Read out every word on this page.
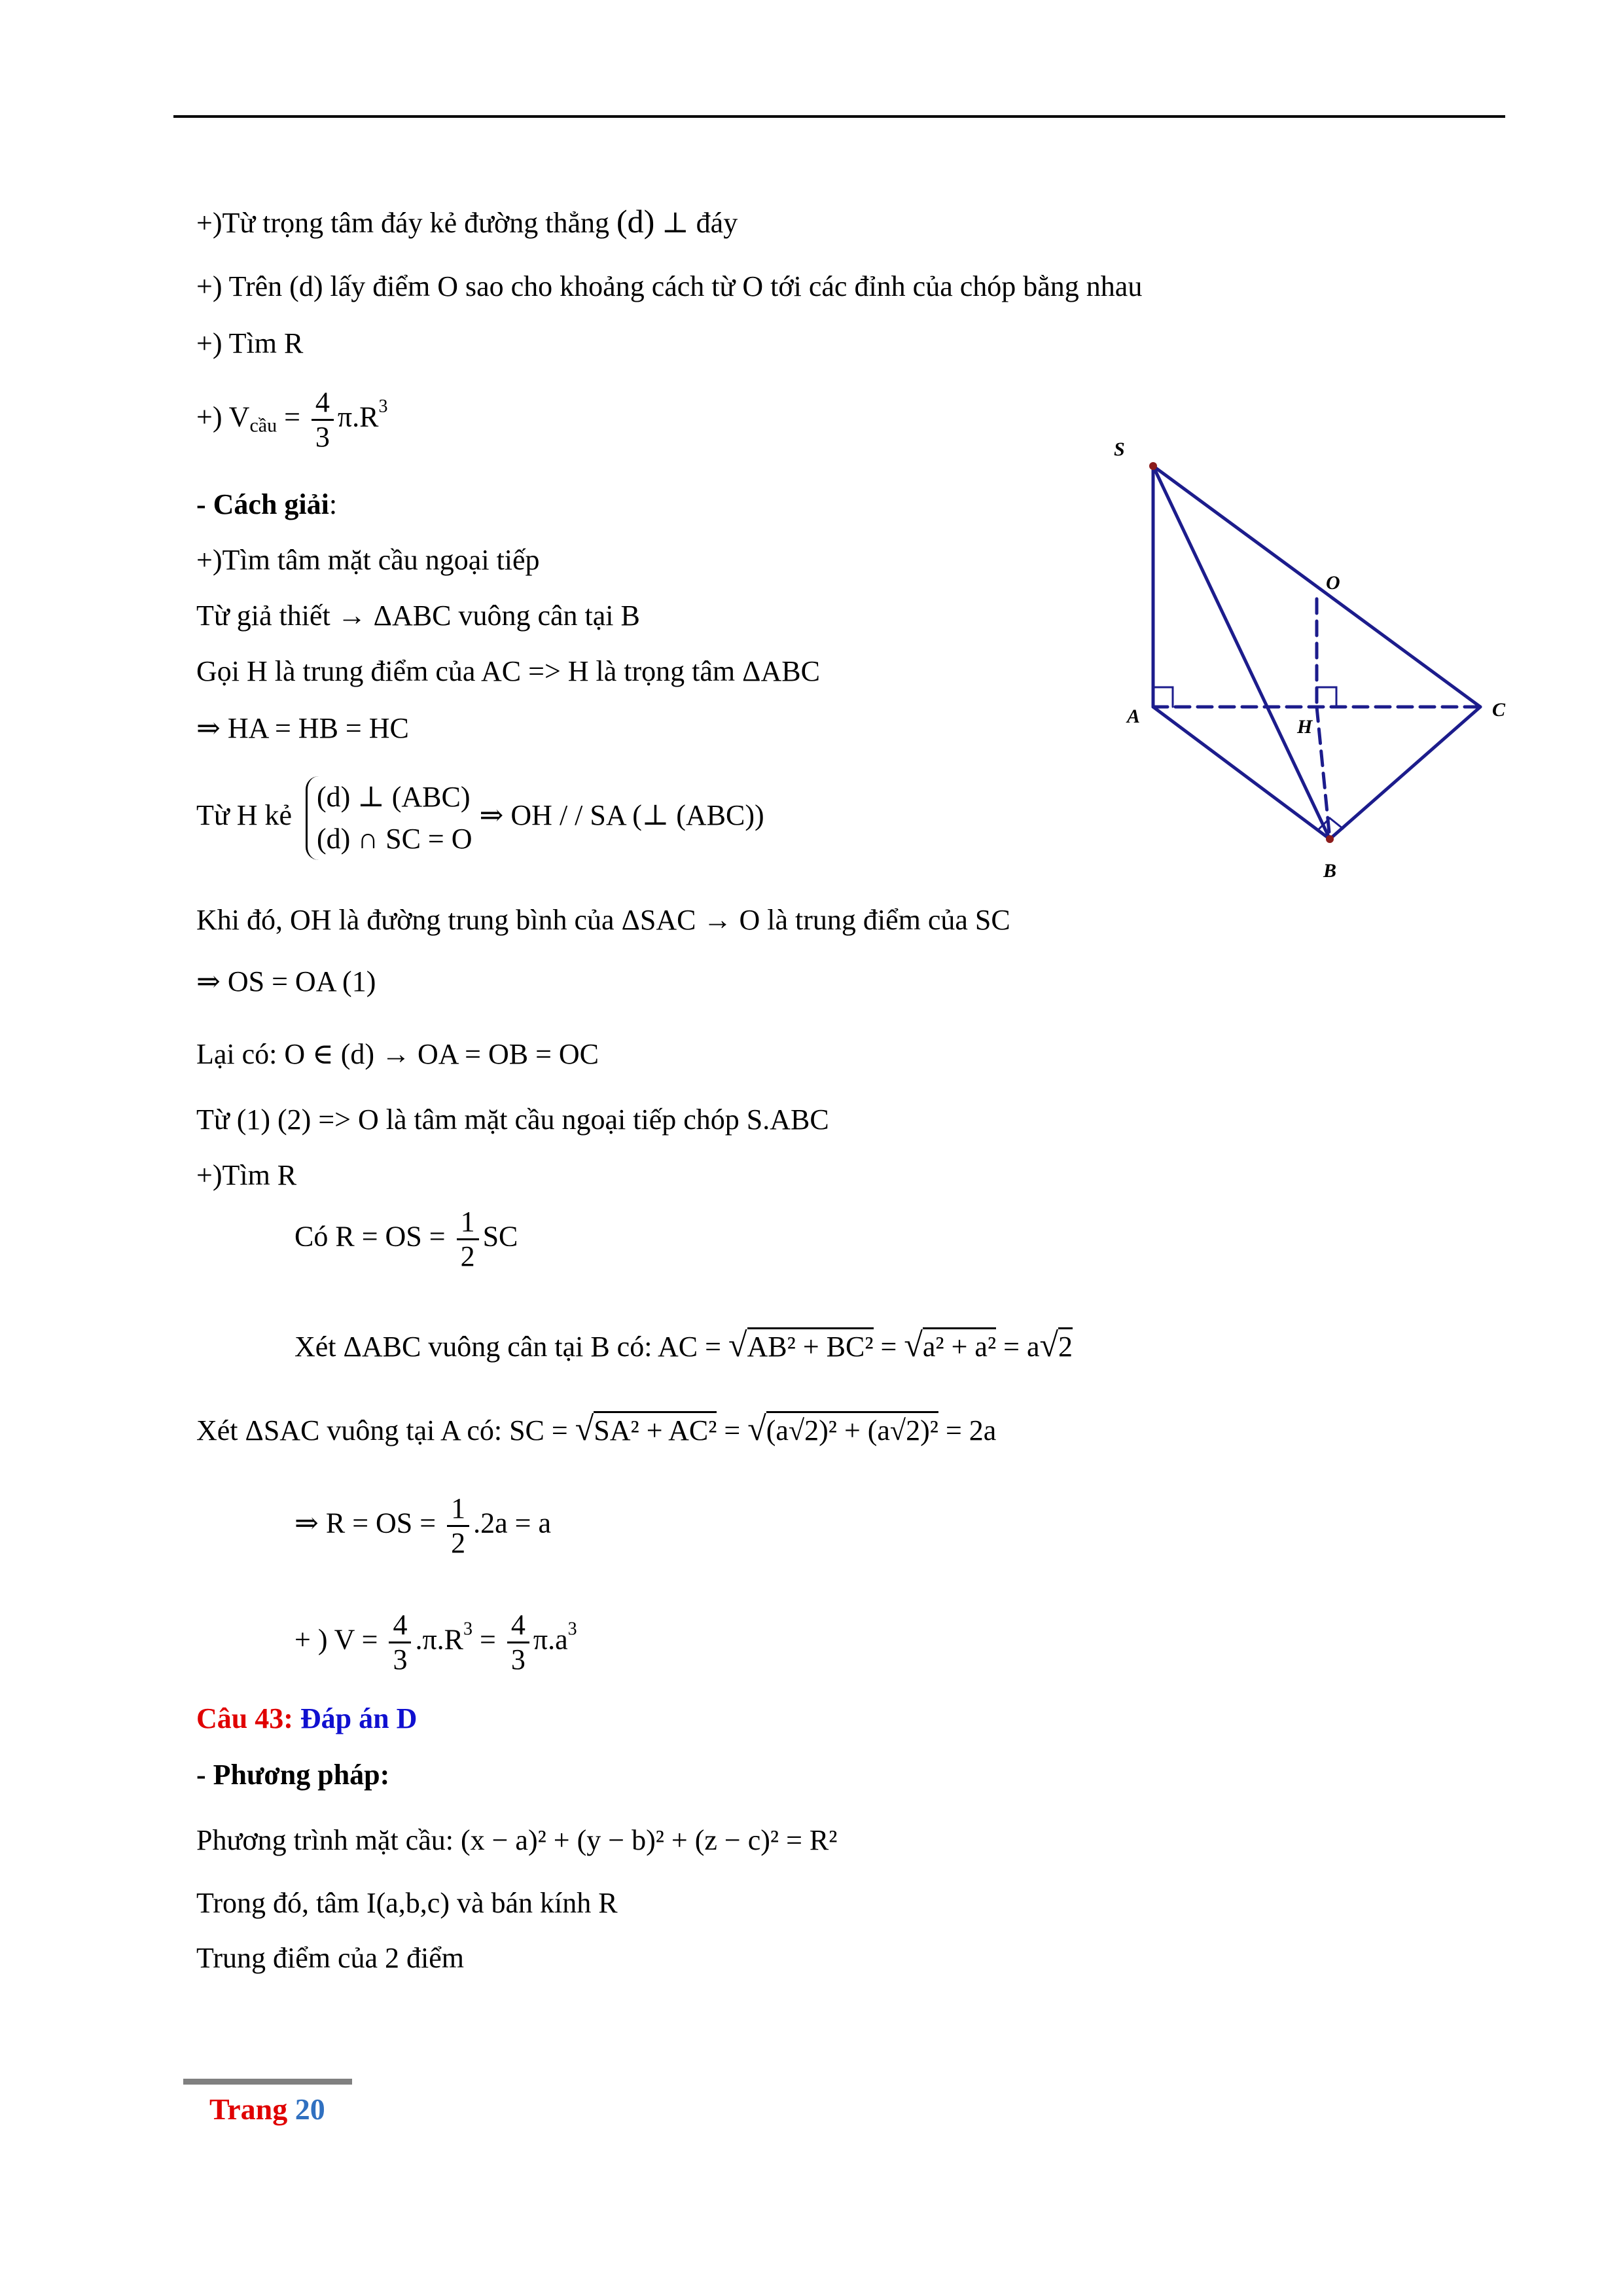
+)Từ trọng tâm đáy kẻ đường thẳng (d) ⊥ đáy
+) Trên (d) lấy điểm O sao cho khoảng cách từ O tới các đỉnh của chóp bằng nhau
+) Tìm R
+) $V_{cầu} = \frac{4}{3} \pi.R^3$
- Cách giải:
+)Tìm tâm mặt cầu ngoại tiếp
Từ giả thiết → ΔABC vuông cân tại B
Gọi H là trung điểm của AC => H là trọng tâm ΔABC
⇒ HA = HB = HC
Từ H kẻ
(d) ⊥ (ABC)
(d) ∩ SC = O
⇒ OH / / SA (⊥ (ABC))
Khi đó, OH là đường trung bình của ΔSAC → O là trung điểm của SC
⇒ OS = OA (1)
Lại có: O ∈ (d) → OA = OB = OC
Từ (1) (2) => O là tâm mặt cầu ngoại tiếp chóp S.ABC
+)Tìm R
Có R = OS = $\frac{1}{2}$ SC
Xét ΔABC vuông cân tại B có: AC = √AB² + BC² = √a² + a² = a√2
Xét ΔSAC vuông tại A có: SC = √SA² + AC² = √(a√2)² + (a√2)² = 2a
⇒ R = OS = $\frac{1}{2} .2a = a$
+ ) $V = \frac{4}{3} .\pi.R^3 = \frac{4}{3} \pi.a^3$
Câu 43: Đáp án D
- Phương pháp:
Phương trình mặt cầu: (x − a)² + (y − b)² + (z − c)² = R²
Trong đó, tâm I(a,b,c) và bán kính R
Trung điểm của 2 điểm
S
O
A	H
C
B
Trang 20
